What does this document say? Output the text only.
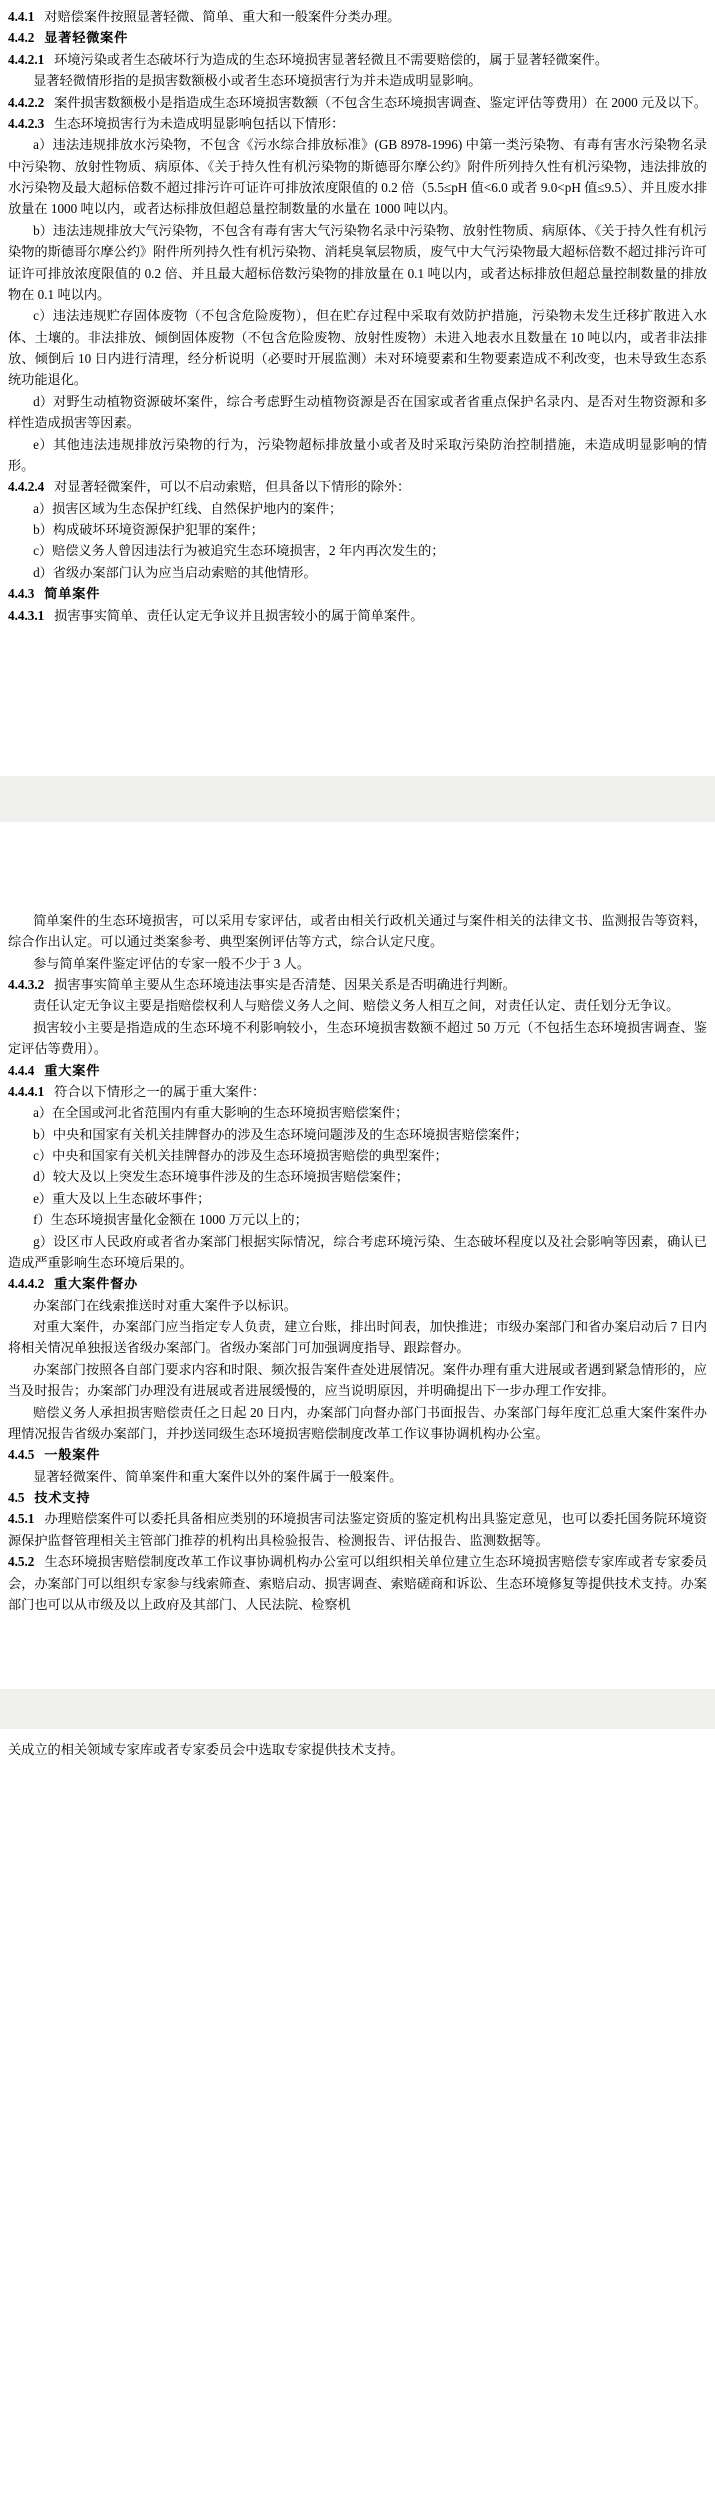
4.4.1 对赔偿案件按照显著轻微、简单、重大和一般案件分类办理。

4.4.2 显著轻微案件

4.4.2.1 环境污染或者生态破坏行为造成的生态环境损害显著轻微且不需要赔偿的，属于显著轻微案件。

显著轻微情形指的是损害数额极小或者生态环境损害行为并未造成明显影响。

4.4.2.2 案件损害数额极小是指造成生态环境损害数额（不包含生态环境损害调查、鉴定评估等费用）在 2000 元及以下。

4.4.2.3 生态环境损害行为未造成明显影响包括以下情形：

a）违法违规排放水污染物，不包含《污水综合排放标准》(GB 8978-1996) 中第一类污染物、有毒有害水污染物名录中污染物、放射性物质、病原体、《关于持久性有机污染物的斯德哥尔摩公约》附件所列持久性有机污染物，违法排放的水污染物及最大超标倍数不超过排污许可证许可排放浓度限值的 0.2 倍（5.5≤pH 值<6.0 或者 9.0<pH 值≤9.5）、并且废水排放量在 1000 吨以内，或者达标排放但超总量控制数量的水量在 1000 吨以内。

b）违法违规排放大气污染物，不包含有毒有害大气污染物名录中污染物、放射性物质、病原体、《关于持久性有机污染物的斯德哥尔摩公约》附件所列持久性有机污染物、消耗臭氧层物质，废气中大气污染物最大超标倍数不超过排污许可证许可排放浓度限值的 0.2 倍、并且最大超标倍数污染物的排放量在 0.1 吨以内，或者达标排放但超总量控制数量的排放物在 0.1 吨以内。

c）违法违规贮存固体废物（不包含危险废物），但在贮存过程中采取有效防护措施，污染物未发生迁移扩散进入水体、土壤的。非法排放、倾倒固体废物（不包含危险废物、放射性废物）未进入地表水且数量在 10 吨以内，或者非法排放、倾倒后 10 日内进行清理，经分析说明（必要时开展监测）未对环境要素和生物要素造成不利改变，也未导致生态系统功能退化。

d）对野生动植物资源破坏案件，综合考虑野生动植物资源是否在国家或者省重点保护名录内、是否对生物资源和多样性造成损害等因素。

e）其他违法违规排放污染物的行为，污染物超标排放量小或者及时采取污染防治控制措施，未造成明显影响的情形。

4.4.2.4 对显著轻微案件，可以不启动索赔，但具备以下情形的除外：

a）损害区域为生态保护红线、自然保护地内的案件；

b）构成破坏环境资源保护犯罪的案件；

c）赔偿义务人曾因违法行为被追究生态环境损害，2 年内再次发生的；

d）省级办案部门认为应当启动索赔的其他情形。

4.4.3 简单案件

4.4.3.1 损害事实简单、责任认定无争议并且损害较小的属于简单案件。

简单案件的生态环境损害，可以采用专家评估，或者由相关行政机关通过与案件相关的法律文书、监测报告等资料，综合作出认定。可以通过类案参考、典型案例评估等方式，综合认定尺度。

参与简单案件鉴定评估的专家一般不少于 3 人。

4.4.3.2 损害事实简单主要从生态环境违法事实是否清楚、因果关系是否明确进行判断。

责任认定无争议主要是指赔偿权利人与赔偿义务人之间、赔偿义务人相互之间，对责任认定、责任划分无争议。

损害较小主要是指造成的生态环境不利影响较小，生态环境损害数额不超过 50 万元（不包括生态环境损害调查、鉴定评估等费用）。

4.4.4 重大案件

4.4.4.1 符合以下情形之一的属于重大案件：

a）在全国或河北省范围内有重大影响的生态环境损害赔偿案件；

b）中央和国家有关机关挂牌督办的涉及生态环境问题涉及的生态环境损害赔偿案件；

c）中央和国家有关机关挂牌督办的涉及生态环境损害赔偿的典型案件；

d）较大及以上突发生态环境事件涉及的生态环境损害赔偿案件；

e）重大及以上生态破坏事件；

f）生态环境损害量化金额在 1000 万元以上的；

g）设区市人民政府或者省办案部门根据实际情况，综合考虑环境污染、生态破坏程度以及社会影响等因素，确认已造成严重影响生态环境后果的。

4.4.4.2 重大案件督办

办案部门在线索推送时对重大案件予以标识。

对重大案件，办案部门应当指定专人负责，建立台账，排出时间表，加快推进；市级办案部门和省办案启动后 7 日内将相关情况单独报送省级办案部门。省级办案部门可加强调度指导、跟踪督办。

办案部门按照各自部门要求内容和时限、频次报告案件查处进展情况。案件办理有重大进展或者遇到紧急情形的，应当及时报告；办案部门办理没有进展或者进展缓慢的，应当说明原因，并明确提出下一步办理工作安排。

赔偿义务人承担损害赔偿责任之日起 20 日内，办案部门向督办部门书面报告、办案部门每年度汇总重大案件案件办理情况报告省级办案部门，并抄送同级生态环境损害赔偿制度改革工作议事协调机构办公室。

4.4.5 一般案件

显著轻微案件、简单案件和重大案件以外的案件属于一般案件。

4.5 技术支持

4.5.1 办理赔偿案件可以委托具备相应类别的环境损害司法鉴定资质的鉴定机构出具鉴定意见，也可以委托国务院环境资源保护监督管理相关主管部门推荐的机构出具检验报告、检测报告、评估报告、监测数据等。

4.5.2 生态环境损害赔偿制度改革工作议事协调机构办公室可以组织相关单位建立生态环境损害赔偿专家库或者专家委员会，办案部门可以组织专家参与线索筛查、索赔启动、损害调查、索赔磋商和诉讼、生态环境修复等提供技术支持。办案部门也可以从市级及以上政府及其部门、人民法院、检察机

关成立的相关领域专家库或者专家委员会中选取专家提供技术支持。
